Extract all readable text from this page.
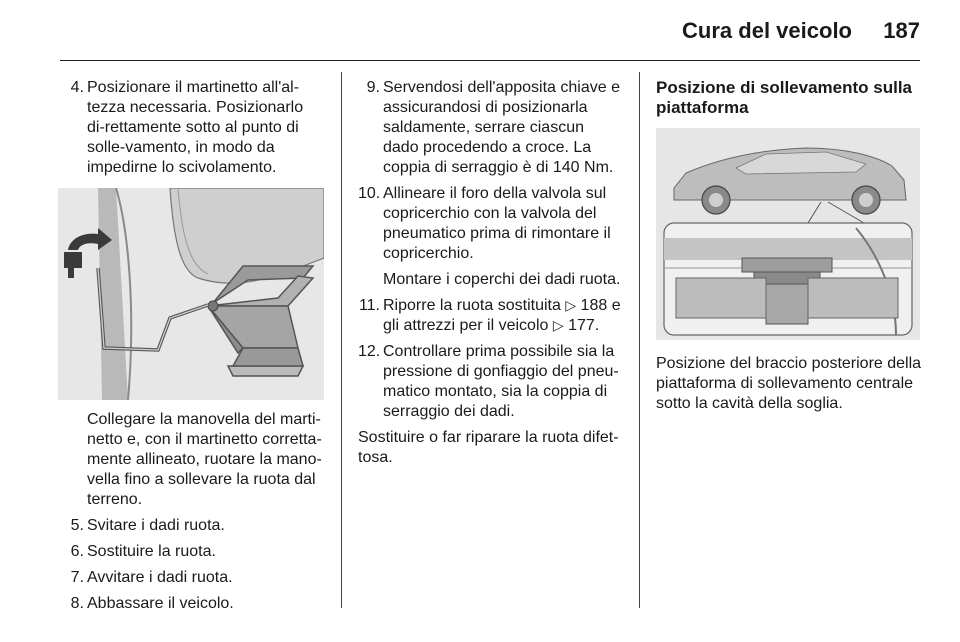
Cura del veicolo 187
4. Posizionare il martinetto all'al-tezza necessaria. Posizionarlo di-rettamente sotto al punto di solle-vamento, in modo da impedirne lo scivolamento.
Collegare la manovella del marti-netto e, con il martinetto corretta-mente allineato, ruotare la mano-vella fino a sollevare la ruota dal terreno.
5. Svitare i dadi ruota.
6. Sostituire la ruota.
7. Avvitare i dadi ruota.
8. Abbassare il veicolo.
9. Servendosi dell'apposita chiave e assicurandosi di posizionarla saldamente, serrare ciascun dado procedendo a croce. La coppia di serraggio è di 140 Nm.
10. Allineare il foro della valvola sul copricerchio con la valvola del pneumatico prima di rimontare il copricerchio.
Montare i coperchi dei dadi ruota.
11. Riporre la ruota sostituita ▷ 188 e gli attrezzi per il veicolo ▷ 177.
12. Controllare prima possibile sia la pressione di gonfiaggio del pneu-matico montato, sia la coppia di serraggio dei dadi.
Sostituire o far riparare la ruota difet-tosa.
Posizione di sollevamento sulla piattaforma
Posizione del braccio posteriore della piattaforma di sollevamento centrale sotto la cavità della soglia.
